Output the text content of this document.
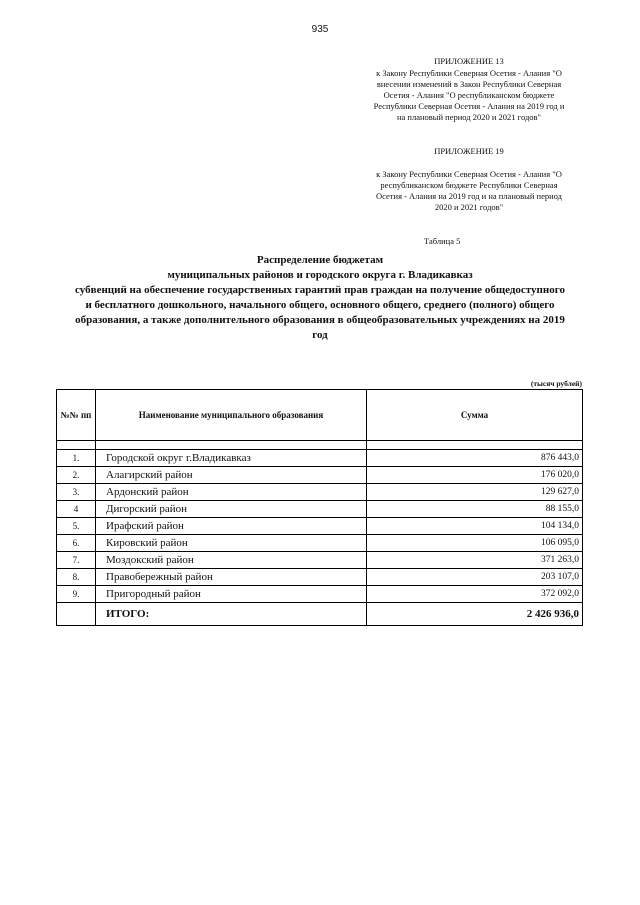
935
ПРИЛОЖЕНИЕ 13
к Закону Республики Северная Осетия - Алания "О
внесении изменений в Закон Республики Северная
Осетия - Алания "О республиканском бюджете
Республики Северная Осетия - Алания на 2019 год и
на плановый период 2020 и 2021 годов"
ПРИЛОЖЕНИЕ 19
к Закону Республики Северная Осетия - Алания "О
республиканском бюджете Республики Северная
Осетия - Алания на 2019 год и на плановый период
2020 и 2021 годов"
Таблица 5
Распределение бюджетам
муниципальных районов и городского округа г. Владикавказ
субвенций на обеспечение государственных гарантий прав граждан на получение общедоступного
и бесплатного дошкольного, начального общего, основного общего, среднего (полного) общего
образования, а также дополнительного образования в общеобразовательных учреждениях на 2019
год
(тысяч рублей)
№№ пп	Наименование муниципального образования	Сумма

1.	Городской округ г.Владикавказ	876 443,0
2.	Алагирский район	176 020,0
3.	Ардонский район	129 627,0
4	Дигорский район	88 155,0
5.	Ирафский район	104 134,0
6.	Кировский район	106 095,0
7.	Моздокский район	371 263,0
8.	Правобережный район	203 107,0
9.	Пригородный район	372 092,0
	ИТОГО:	2 426 936,0
